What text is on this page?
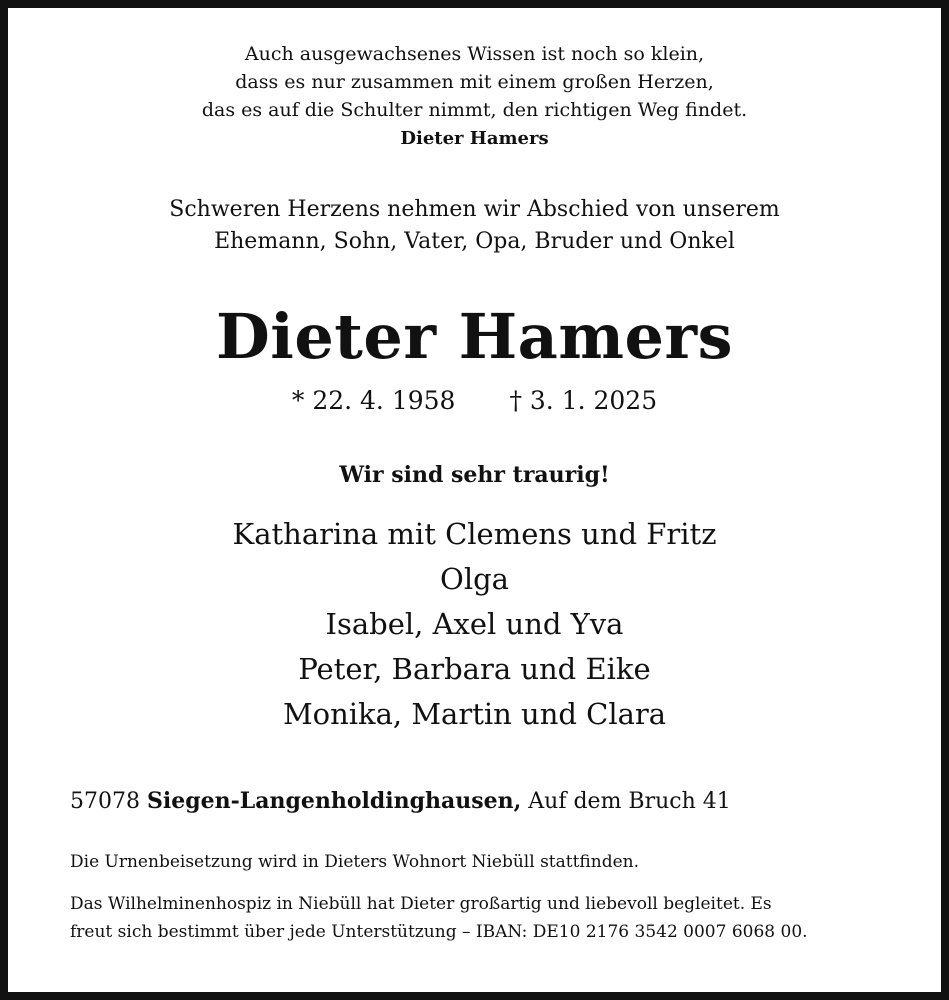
Auch ausgewachsenes Wissen ist noch so klein,
dass es nur zusammen mit einem großen Herzen,
das es auf die Schulter nimmt, den richtigen Weg findet.
Dieter Hamers
Schweren Herzens nehmen wir Abschied von unserem
Ehemann, Sohn, Vater, Opa, Bruder und Onkel
Dieter Hamers
* 22. 4. 1958 † 3. 1. 2025
Wir sind sehr traurig!
Katharina mit Clemens und Fritz
Olga
Isabel, Axel und Yva
Peter, Barbara und Eike
Monika, Martin und Clara
57078 Siegen-Langenholdinghausen, Auf dem Bruch 41
Die Urnenbeisetzung wird in Dieters Wohnort Niebüll stattfinden.
Das Wilhelminenhospiz in Niebüll hat Dieter großartig und liebevoll begleitet. Es
freut sich bestimmt über jede Unterstützung – IBAN: DE10 2176 3542 0007 6068 00.
